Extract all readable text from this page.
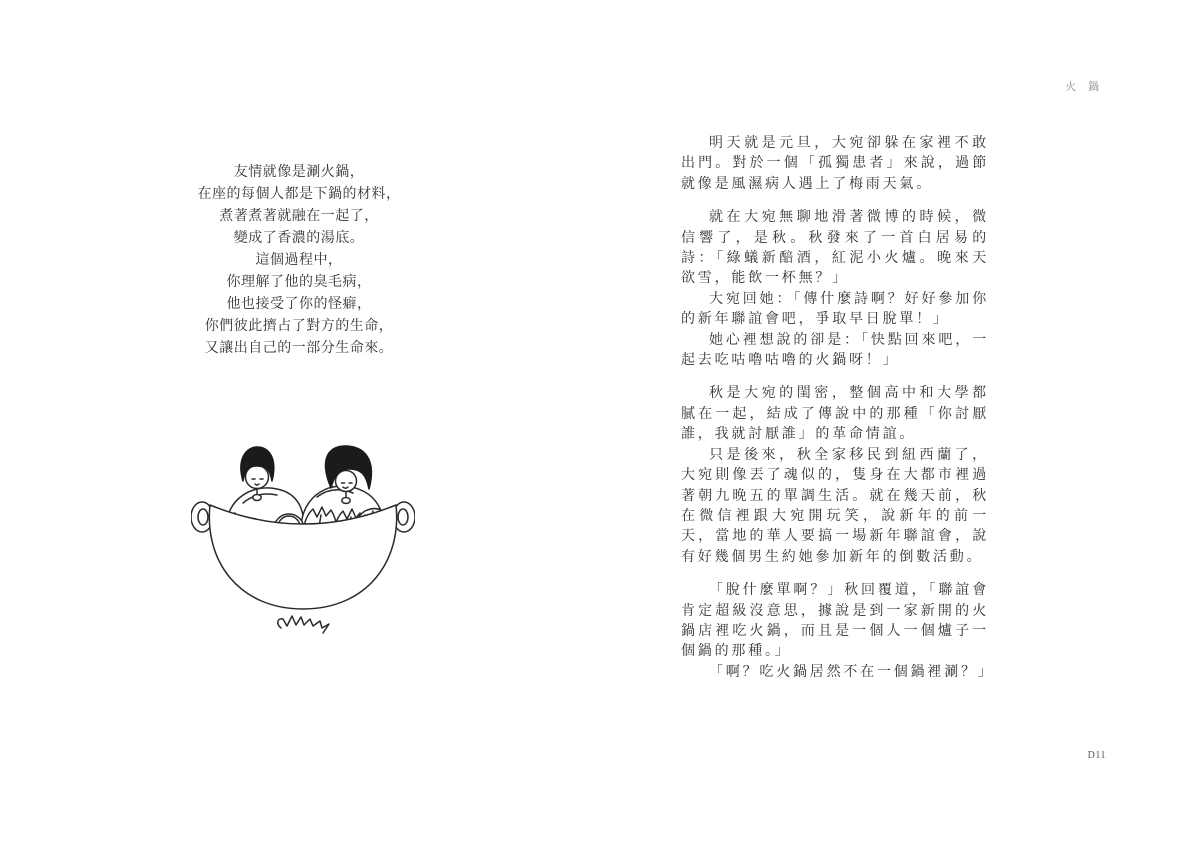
火 鍋
友情就像是涮火鍋，
在座的每個人都是下鍋的材料，
煮著煮著就融在一起了，
變成了香濃的湯底。
這個過程中，
你理解了他的臭毛病，
他也接受了你的怪癖，
你們彼此擠占了對方的生命，
又讓出自己的一部分生命來。

明天就是元旦，大宛卻躲在家裡不敢出門。對於一個「孤獨患者」來說，過節就像是風濕病人遇上了梅雨天氣。

就在大宛無聊地滑著微博的時候，微信響了，是秋。秋發來了一首白居易的詩：「綠蟻新醅酒，紅泥小火爐。晚來天欲雪，能飲一杯無？」

大宛回她：「傳什麼詩啊？好好參加你的新年聯誼會吧，爭取早日脫單！」

她心裡想說的卻是：「快點回來吧，一起去吃咕嚕咕嚕的火鍋呀！」

秋是大宛的閨密，整個高中和大學都膩在一起，結成了傳說中的那種「你討厭誰，我就討厭誰」的革命情誼。

只是後來，秋全家移民到紐西蘭了，大宛則像丟了魂似的，隻身在大都市裡過著朝九晚五的單調生活。就在幾天前，秋在微信裡跟大宛開玩笑，說新年的前一天，當地的華人要搞一場新年聯誼會，說有好幾個男生約她參加新年的倒數活動。

「脫什麼單啊？」秋回覆道，「聯誼會肯定超級沒意思，據說是到一家新開的火鍋店裡吃火鍋，而且是一個人一個爐子一個鍋的那種。」

「啊？吃火鍋居然不在一個鍋裡涮？」

D11
